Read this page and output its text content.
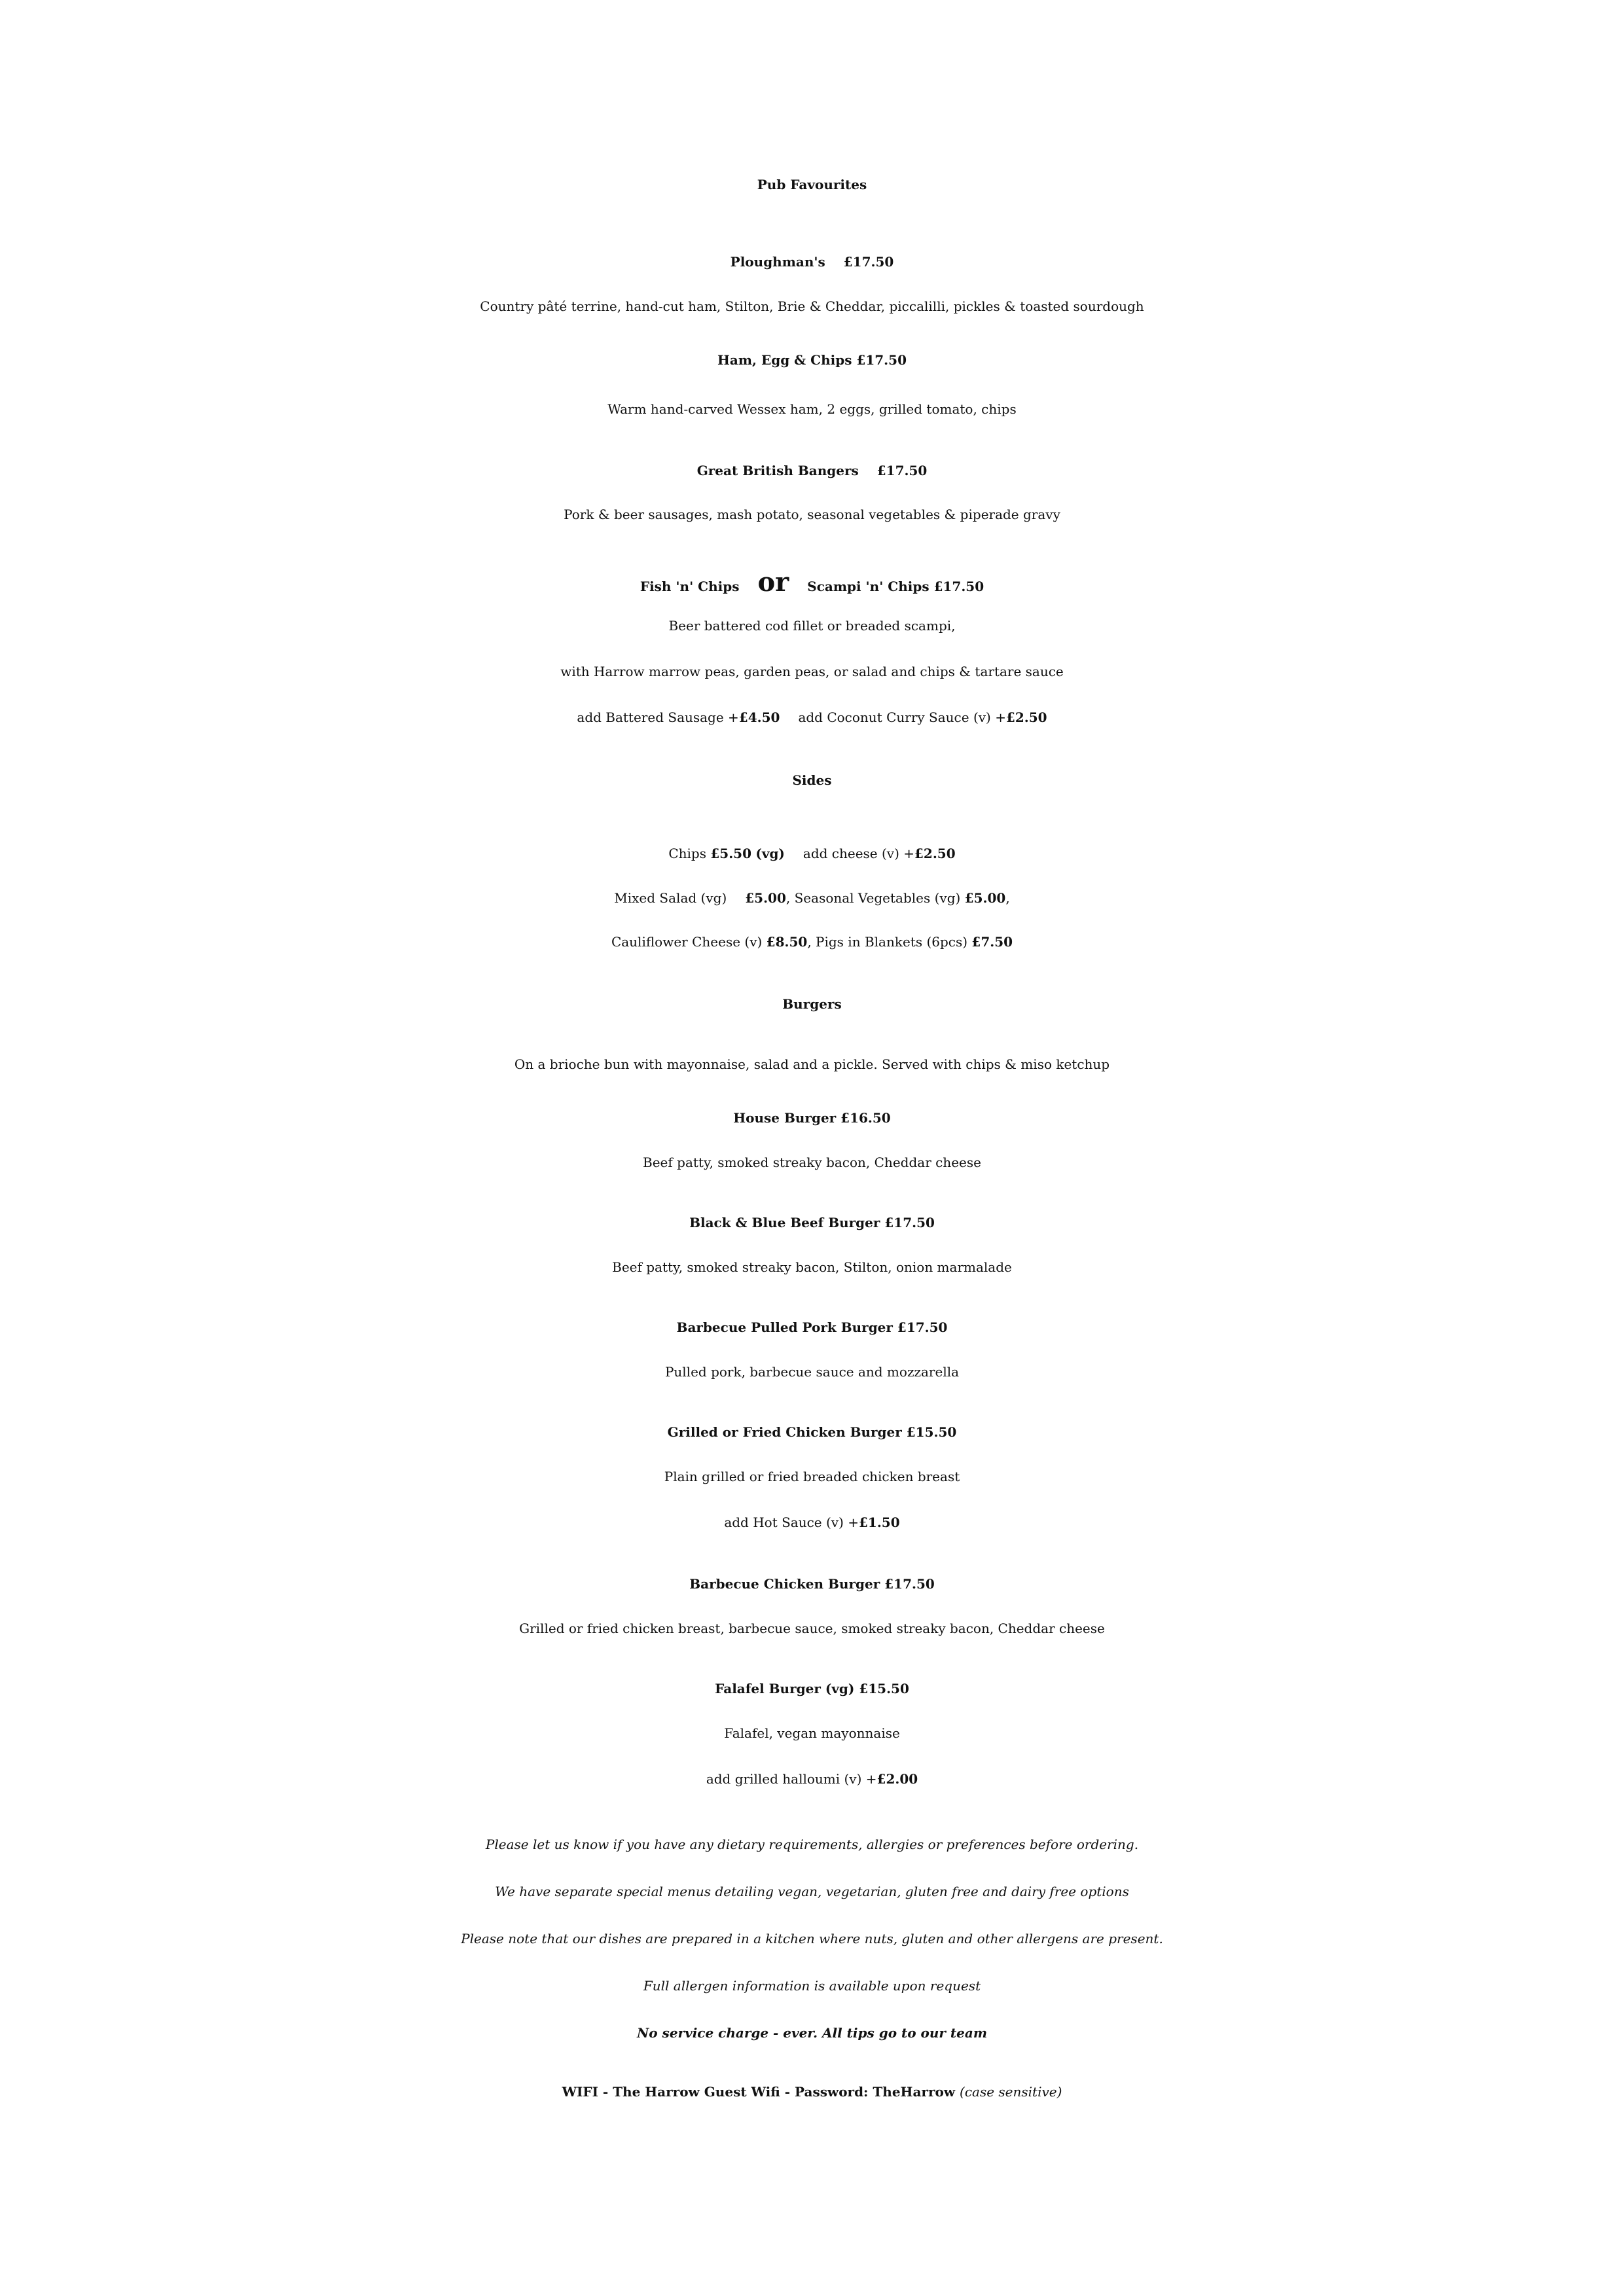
Pub Favourites
Ploughman's £17.50
Country pâté terrine, hand-cut ham, Stilton, Brie & Cheddar, piccalilli, pickles & toasted sourdough
Ham, Egg & Chips £17.50
Warm hand-carved Wessex ham, 2 eggs, grilled tomato, chips
Great British Bangers £17.50
Pork & beer sausages, mash potato, seasonal vegetables & piperade gravy
Fish 'n' Chips or Scampi 'n' Chips £17.50
Beer battered cod fillet or breaded scampi,
with Harrow marrow peas, garden peas, or salad and chips & tartare sauce
add Battered Sausage +£4.50 add Coconut Curry Sauce (v) +£2.50
Sides
Chips £5.50 (vg) add cheese (v) +£2.50
Mixed Salad (vg) £5.00, Seasonal Vegetables (vg) £5.00,
Cauliflower Cheese (v) £8.50, Pigs in Blankets (6pcs) £7.50
Burgers
On a brioche bun with mayonnaise, salad and a pickle. Served with chips & miso ketchup
House Burger £16.50
Beef patty, smoked streaky bacon, Cheddar cheese
Black & Blue Beef Burger £17.50
Beef patty, smoked streaky bacon, Stilton, onion marmalade
Barbecue Pulled Pork Burger £17.50
Pulled pork, barbecue sauce and mozzarella
Grilled or Fried Chicken Burger £15.50
Plain grilled or fried breaded chicken breast
add Hot Sauce (v) +£1.50
Barbecue Chicken Burger £17.50
Grilled or fried chicken breast, barbecue sauce, smoked streaky bacon, Cheddar cheese
Falafel Burger (vg) £15.50
Falafel, vegan mayonnaise
add grilled halloumi (v) +£2.00
Please let us know if you have any dietary requirements, allergies or preferences before ordering.
We have separate special menus detailing vegan, vegetarian, gluten free and dairy free options
Please note that our dishes are prepared in a kitchen where nuts, gluten and other allergens are present.
Full allergen information is available upon request
No service charge - ever. All tips go to our team
WIFI - The Harrow Guest Wifi - Password: TheHarrow (case sensitive)
